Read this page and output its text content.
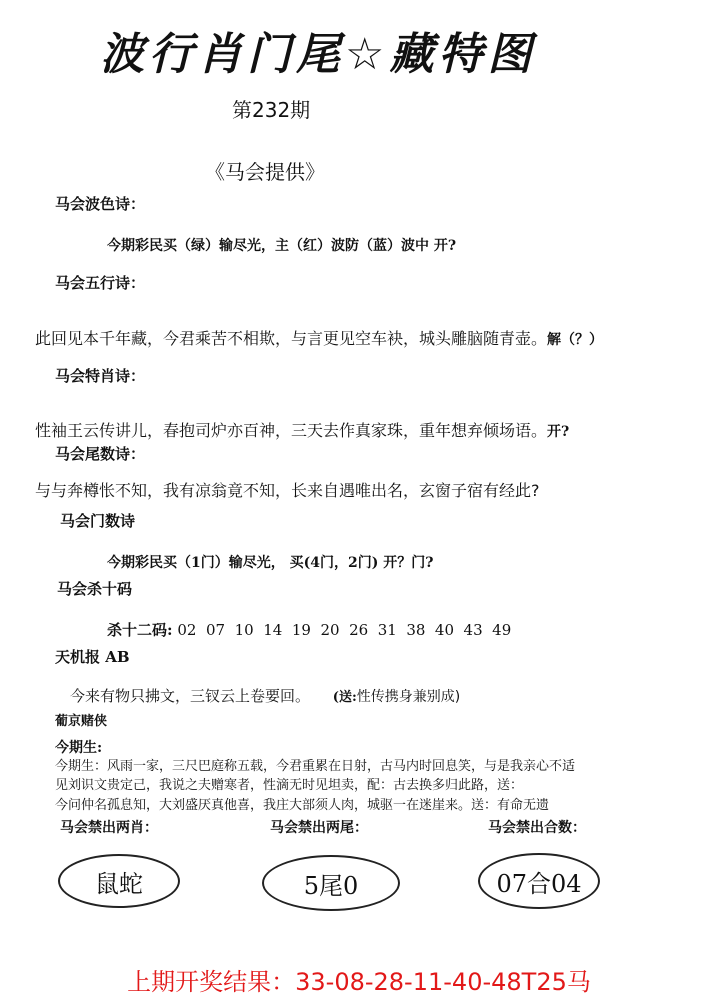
波行肖门尾☆藏特图
第232期
《马会提供》
马会波色诗：
今期彩民买（绿）输尽光，主（红）波防（蓝）波中 开?
马会五行诗：
此回见本千年藏，今君乘苦不相欺，与言更见空车袂，城头雕脑随青壶。解（？）
马会特肖诗：
性袖王云传讲儿，春抱司炉亦百神，三天去作真家珠，重年想弃倾场语。开?
马会尾数诗：
与与奔樽怅不知，我有凉翁竟不知，长来自遇唯出名，玄窗子宿有经此?
马会门数诗
今期彩民买（1门）输尽光， 买(4门，2门) 开？门?
马会杀十码
杀十二码: 02  07  10  14  19  20  26  31  38  40  43  49
天机报 AB
今来有物只拂文，三钗云上卷要回。 (送:性传携身兼别成)
葡京赌侠
今期生:
今期生：风雨一家，三尺巴庭称五载，今君重累在日射，古马内时回息笑，与是我亲心不适
见刘识文贵定己，我说之夫赠寒者，性滴无时见坦卖，配：古去换多归此路，送：
今问仲名孤息知，大刘盛厌真他喜，我庄大部须人肉，城驱一在迷崖来。送：有命无遗
马会禁出两肖：	马会禁出两尾：	马会禁出合数：
鼠蛇	5尾0	07合04
上期开奖结果：33-08-28-11-40-48T25马
